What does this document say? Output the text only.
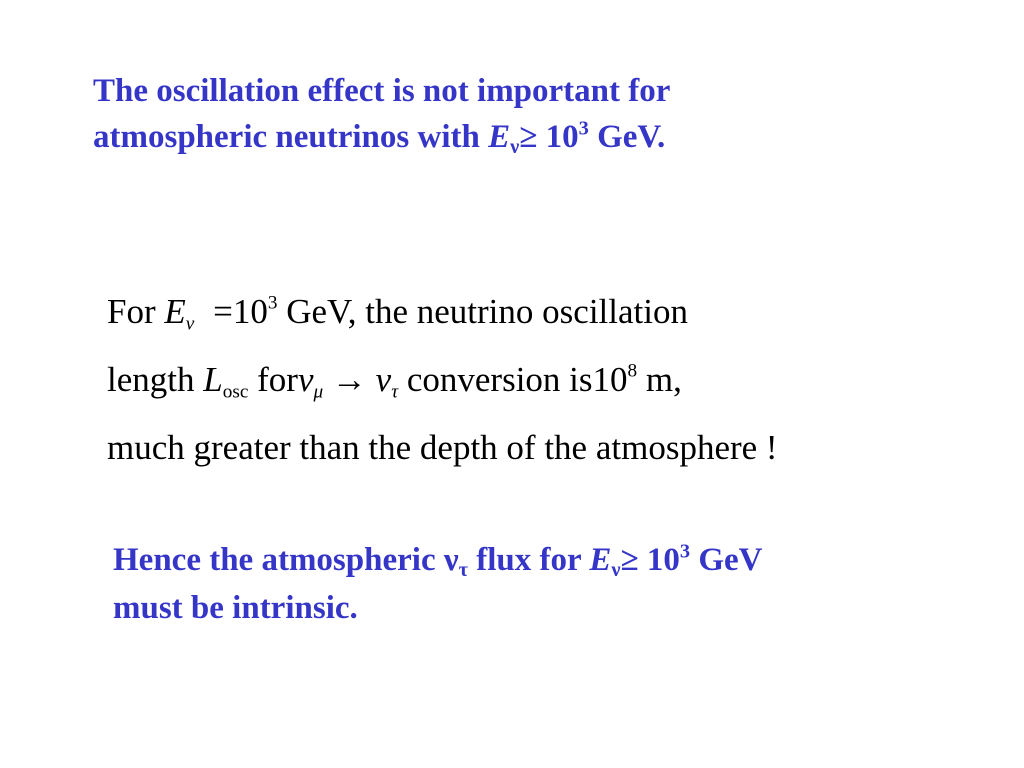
The oscillation effect is not important for
atmospheric neutrinos with $E_\nu\ge 10^3$ GeV.
For $E_\nu =10^3$ GeV, the neutrino oscillation
length $L_{osc}$ $for\nu_\mu \to \nu_\tau$ conversion $is10^8$ m,
much greater than the depth of the atmosphere !
Hence the atmospheric $\nu_\tau$ flux for $E_\nu\ge 10^3$ GeV
must be intrinsic.
